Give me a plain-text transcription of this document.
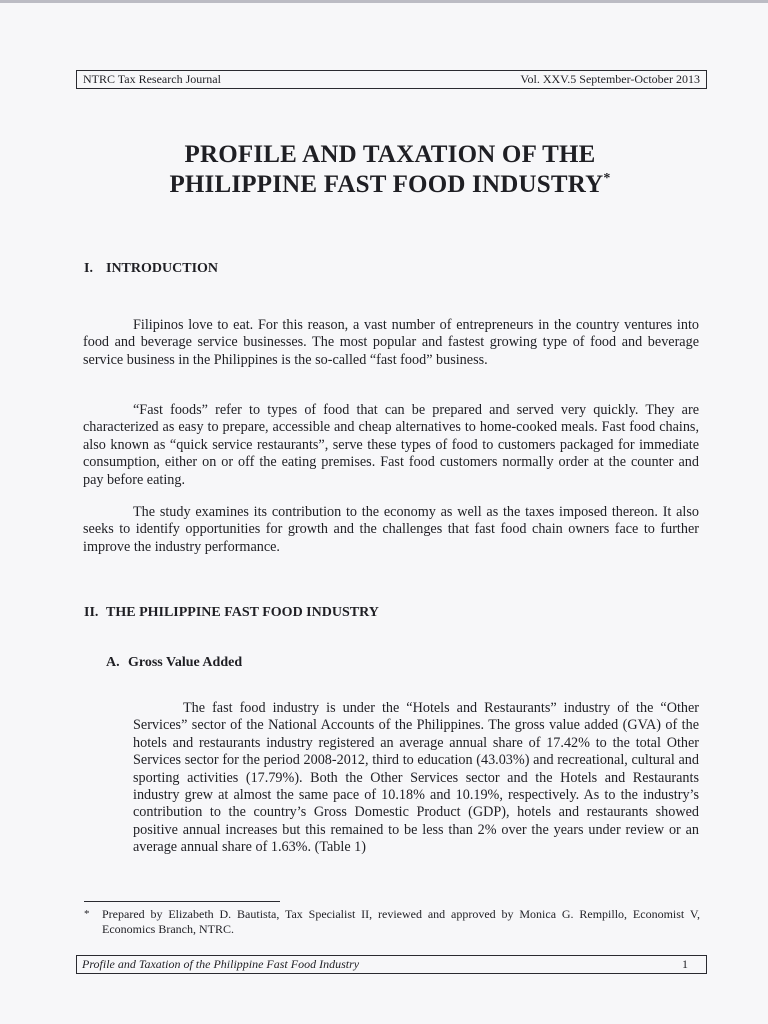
NTRC Tax Research Journal	Vol. XXV.5 September-October 2013
PROFILE AND TAXATION OF THE
PHILIPPINE FAST FOOD INDUSTRY*
I. INTRODUCTION

Filipinos love to eat. For this reason, a vast number of entrepreneurs in the country ventures into food and beverage service businesses. The most popular and fastest growing type of food and beverage service business in the Philippines is the so-called “fast food” business.

“Fast foods” refer to types of food that can be prepared and served very quickly. They are characterized as easy to prepare, accessible and cheap alternatives to home-cooked meals. Fast food chains, also known as “quick service restaurants”, serve these types of food to customers packaged for immediate consumption, either on or off the eating premises. Fast food customers normally order at the counter and pay before eating.

The study examines its contribution to the economy as well as the taxes imposed thereon. It also seeks to identify opportunities for growth and the challenges that fast food chain owners face to further improve the industry performance.

II. THE PHILIPPINE FAST FOOD INDUSTRY
A. Gross Value Added

The fast food industry is under the “Hotels and Restaurants” industry of the “Other Services” sector of the National Accounts of the Philippines. The gross value added (GVA) of the hotels and restaurants industry registered an average annual share of 17.42% to the total Other Services sector for the period 2008-2012, third to education (43.03%) and recreational, cultural and sporting activities (17.79%). Both the Other Services sector and the Hotels and Restaurants industry grew at almost the same pace of 10.18% and 10.19%, respectively. As to the industry’s contribution to the country’s Gross Domestic Product (GDP), hotels and restaurants showed positive annual increases but this remained to be less than 2% over the years under review or an average annual share of 1.63%. (Table 1)

*	Prepared by Elizabeth D. Bautista, Tax Specialist II, reviewed and approved by Monica G. Rempillo, Economist V, Economics Branch, NTRC.
Profile and Taxation of the Philippine Fast Food Industry	1
